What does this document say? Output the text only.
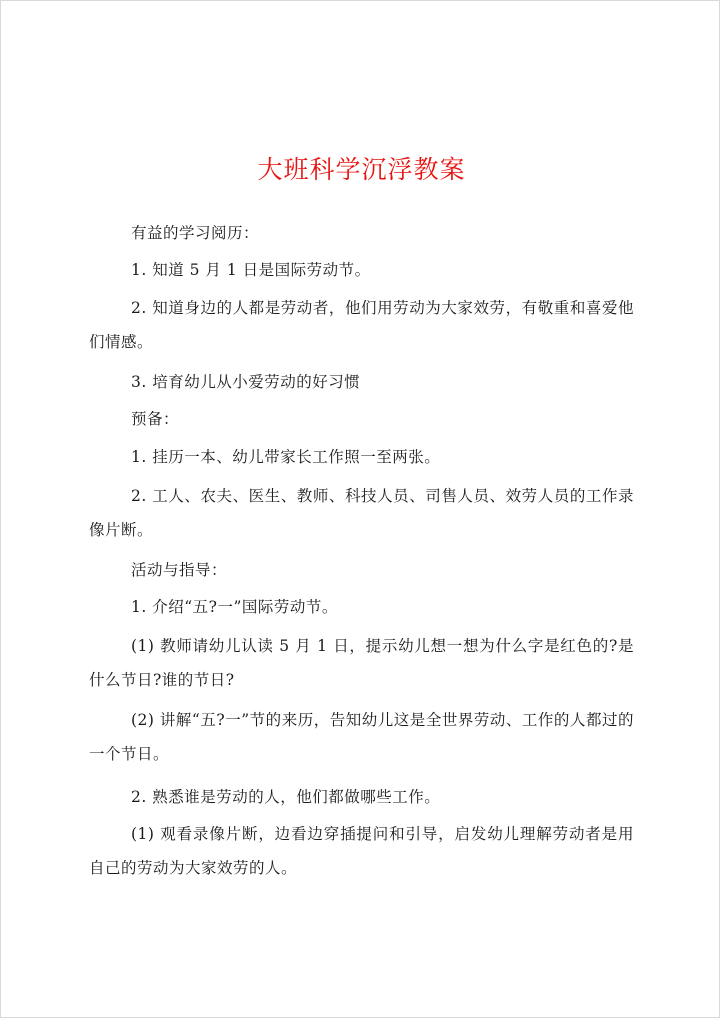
大班科学沉浮教案

有益的学习阅历：

1. 知道 5 月 1 日是国际劳动节。

2. 知道身边的人都是劳动者，他们用劳动为大家效劳，有敬重和喜爱他们情感。

3. 培育幼儿从小爱劳动的好习惯

预备：

1. 挂历一本、幼儿带家长工作照一至两张。

2. 工人、农夫、医生、教师、科技人员、司售人员、效劳人员的工作录像片断。

活动与指导：

1. 介绍“五?一”国际劳动节。

(1) 教师请幼儿认读 5 月 1 日，提示幼儿想一想为什么字是红色的?是什么节日?谁的节日?

(2) 讲解“五?一”节的来历，告知幼儿这是全世界劳动、工作的人都过的一个节日。

2. 熟悉谁是劳动的人，他们都做哪些工作。

(1) 观看录像片断，边看边穿插提问和引导，启发幼儿理解劳动者是用自己的劳动为大家效劳的人。
